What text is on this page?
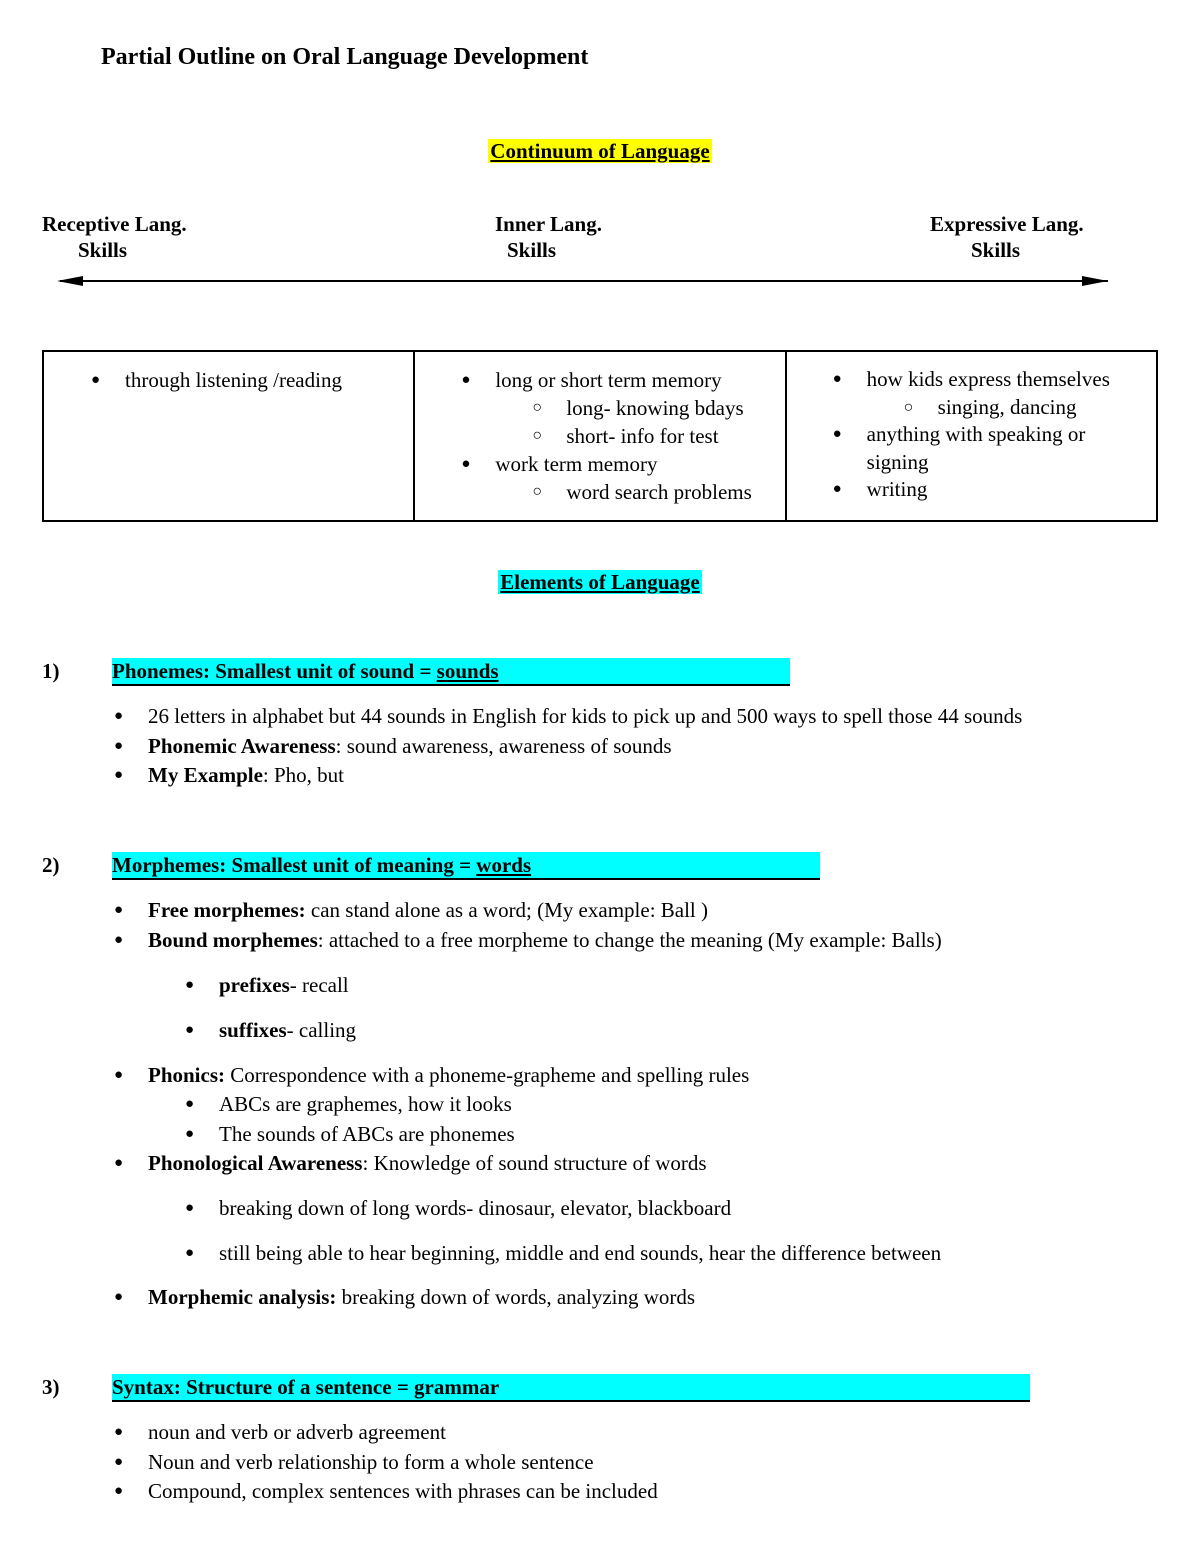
Partial Outline on Oral Language Development
Continuum of Language
Receptive Lang.
Skills
Inner Lang.
Skills
Expressive Lang.
Skills
● through listening /reading

●long or short term memory
○ long- knowing bdays
○ short- info for test
● work term memory
○ word search problems

● how kids express themselves
○ singing, dancing
● anything with speaking or signing
● writing
Elements of Language
1)	Phonemes: Smallest unit of sound = sounds
● 26 letters in alphabet but 44 sounds in English for kids to pick up and 500 ways to spell those 44 sounds
● Phonemic Awareness: sound awareness, awareness of sounds
● My Example: Pho, but
2)	Morphemes: Smallest unit of meaning = words
● Free morphemes: can stand alone as a word; (My example: Ball )
● Bound morphemes: attached to a free morpheme to change the meaning (My example: Balls)
● prefixes- recall
● suffixes- calling
● Phonics: Correspondence with a phoneme-grapheme and spelling rules
● ABCs are graphemes, how it looks
● The sounds of ABCs are phonemes
● Phonological Awareness: Knowledge of sound structure of words
● breaking down of long words- dinosaur, elevator, blackboard
● still being able to hear beginning, middle and end sounds, hear the difference between
● Morphemic analysis: breaking down of words, analyzing words
3)	Syntax: Structure of a sentence = grammar
● noun and verb or adverb agreement
● Noun and verb relationship to form a whole sentence
● Compound, complex sentences with phrases can be included
